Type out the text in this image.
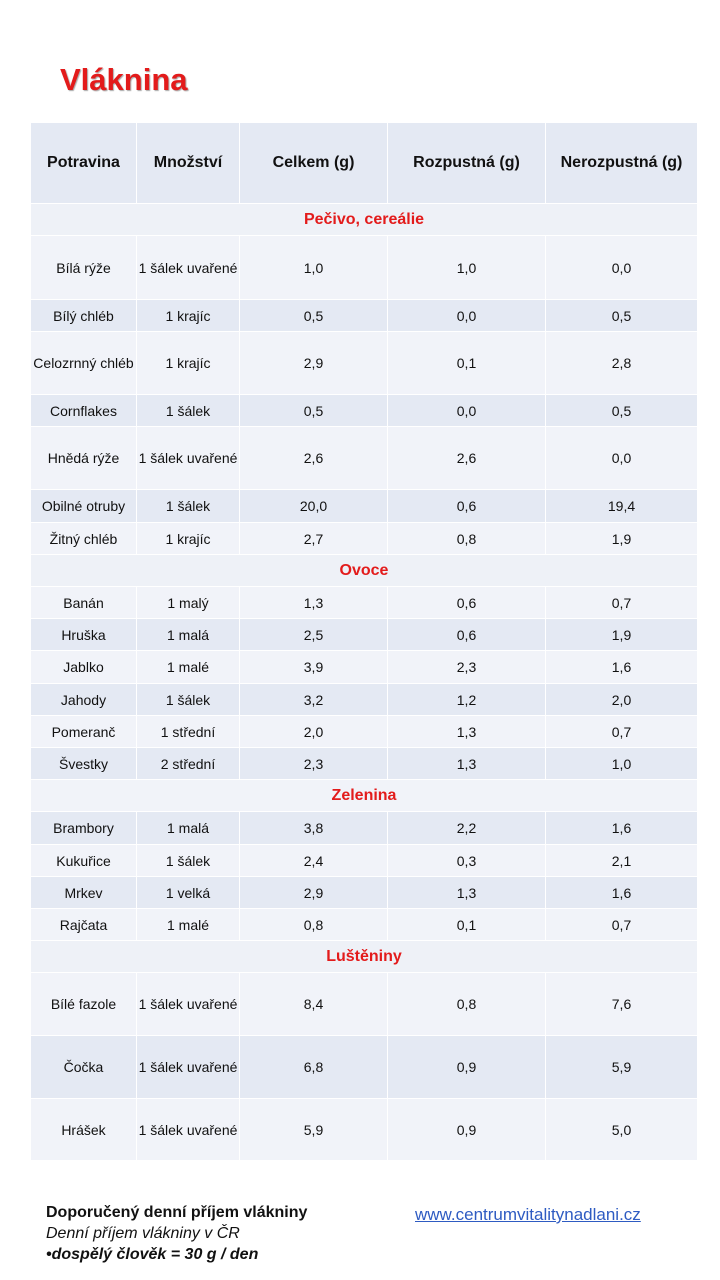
Vláknina
Potravina	Množství	Celkem (g)	Rozpustná (g)	Nerozpustná (g)
Pečivo, cereálie				
Bílá rýže	1 šálek uvařené	1,0	1,0	0,0
Bílý chléb	1 krajíc	0,5	0,0	0,5
Celozrnný chléb	1 krajíc	2,9	0,1	2,8
Cornflakes	1 šálek	0,5	0,0	0,5
Hnědá rýže	1 šálek uvařené	2,6	2,6	0,0
Obilné otruby	1 šálek	20,0	0,6	19,4
Žitný chléb	1 krajíc	2,7	0,8	1,9
Ovoce				
Banán	1 malý	1,3	0,6	0,7
Hruška	1 malá	2,5	0,6	1,9
Jablko	1 malé	3,9	2,3	1,6
Jahody	1 šálek	3,2	1,2	2,0
Pomeranč	1 střední	2,0	1,3	0,7
Švestky	2 střední	2,3	1,3	1,0
Zelenina				
Brambory	1 malá	3,8	2,2	1,6
Kukuřice	1 šálek	2,4	0,3	2,1
Mrkev	1 velká	2,9	1,3	1,6
Rajčata	1 malé	0,8	0,1	0,7
Luštěniny				
Bílé fazole	1 šálek uvařené	8,4	0,8	7,6
Čočka	1 šálek uvařené	6,8	0,9	5,9
Hrášek	1 šálek uvařené	5,9	0,9	5,0
Doporučený denní příjem vlákniny
Denní příjem vlákniny v ČR
•dospělý člověk = 30 g / den
www.centrumvitalitynadlani.cz
